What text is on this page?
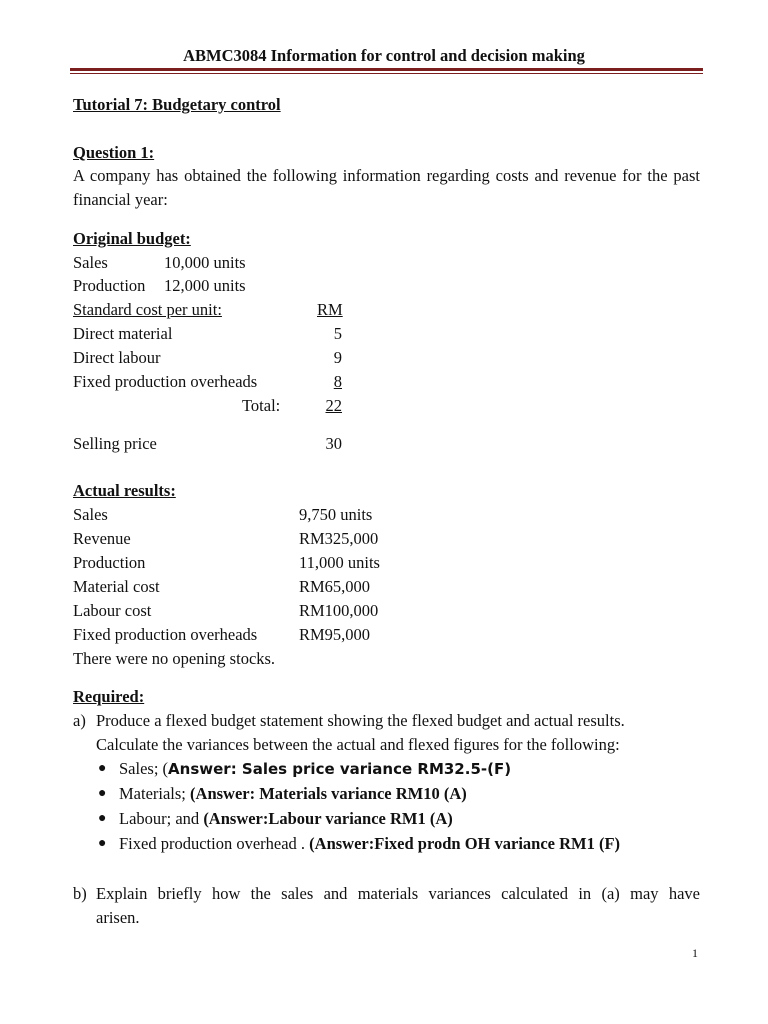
ABMC3084 Information for control and decision making
Tutorial 7: Budgetary control
Question 1:
A company has obtained the following information regarding costs and revenue for the past financial year:
Original budget:
Sales	10,000 units
Production 12,000 units
Standard cost per unit:	RM
Direct material	5
Direct labour	9
Fixed production overheads	8
Total:	22
Selling price	30
Actual results:
Sales	9,750 units
Revenue	RM325,000
Production	11,000 units
Material cost	RM65,000
Labour cost	RM100,000
Fixed production overheads	RM95,000
There were no opening stocks.
Required:
a) Produce a flexed budget statement showing the flexed budget and actual results.
Calculate the variances between the actual and flexed figures for the following:
● Sales; (Answer: Sales price variance RM32.5-(F)
● Materials; (Answer: Materials variance RM10 (A)
● Labour; and (Answer:Labour variance RM1 (A)
● Fixed production overhead . (Answer:Fixed prodn OH variance RM1 (F)
b) Explain briefly how the sales and materials variances calculated in (a) may have
arisen.
1
